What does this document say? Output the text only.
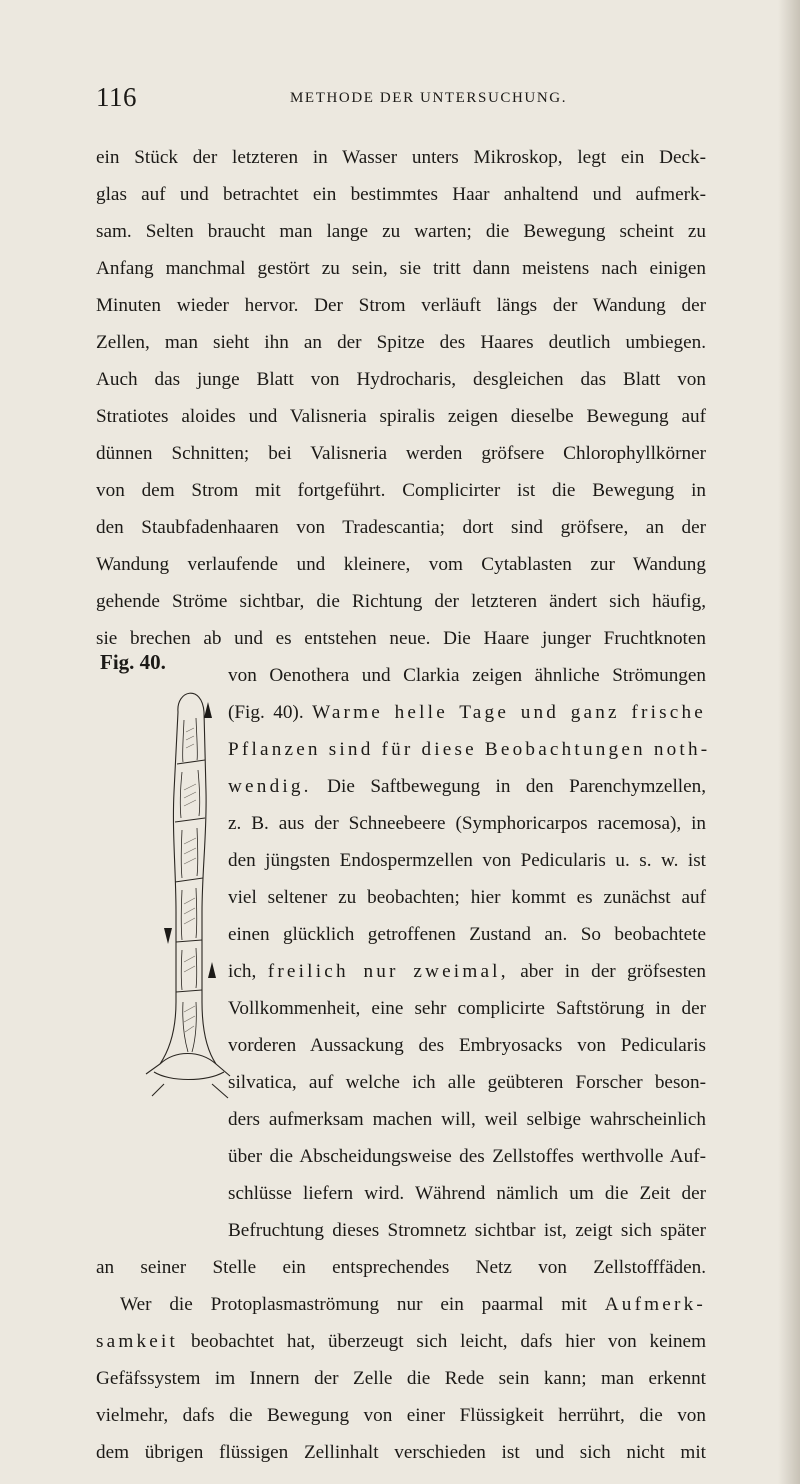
116	METHODE DER UNTERSUCHUNG.
ein Stück der letzteren in Wasser unters Mikroskop, legt ein Deck-
glas auf und betrachtet ein bestimmtes Haar anhaltend und aufmerk-
sam. Selten braucht man lange zu warten; die Bewegung scheint zu
Anfang manchmal gestört zu sein, sie tritt dann meistens nach einigen
Minuten wieder hervor. Der Strom verläuft längs der Wandung der
Zellen, man sieht ihn an der Spitze des Haares deutlich umbiegen.
Auch das junge Blatt von Hydrocharis, desgleichen das Blatt von
Stratiotes aloides und Valisneria spiralis zeigen dieselbe Bewegung auf
dünnen Schnitten; bei Valisneria werden gröfsere Chlorophyllkörner
von dem Strom mit fortgeführt. Complicirter ist die Bewegung in
den Staubfadenhaaren von Tradescantia; dort sind gröfsere, an der
Wandung verlaufende und kleinere, vom Cytablasten zur Wandung
gehende Ströme sichtbar, die Richtung der letzteren ändert sich häufig,
sie brechen ab und es entstehen neue. Die Haare junger Fruchtknoten
Fig. 40.
von Oenothera und Clarkia zeigen ähnliche Strömungen
(Fig. 40). Warme helle Tage und ganz frische
Pflanzen sind für diese Beobachtungen noth-
wendig. Die Saftbewegung in den Parenchymzellen,
z. B. aus der Schneebeere (Symphoricarpos racemosa), in
den jüngsten Endospermzellen von Pedicularis u. s. w. ist
viel seltener zu beobachten; hier kommt es zunächst auf
einen glücklich getroffenen Zustand an. So beobachtete
ich, freilich nur zweimal, aber in der gröfsesten
Vollkommenheit, eine sehr complicirte Saftstörung in der
vorderen Aussackung des Embryosacks von Pedicularis
silvatica, auf welche ich alle geübteren Forscher beson-
ders aufmerksam machen will, weil selbige wahrscheinlich
über die Abscheidungsweise des Zellstoffes werthvolle Auf-
schlüsse liefern wird. Während nämlich um die Zeit der
Befruchtung dieses Stromnetz sichtbar ist, zeigt sich später
an seiner Stelle ein entsprechendes Netz von Zellstofffäden.
Wer die Protoplasmaströmung nur ein paarmal mit Aufmerk-
samkeit beobachtet hat, überzeugt sich leicht, dafs hier von keinem
Gefäfssystem im Innern der Zelle die Rede sein kann; man erkennt
vielmehr, dafs die Bewegung von einer Flüssigkeit herrührt, die von
dem übrigen flüssigen Zellinhalt verschieden ist und sich nicht mit
